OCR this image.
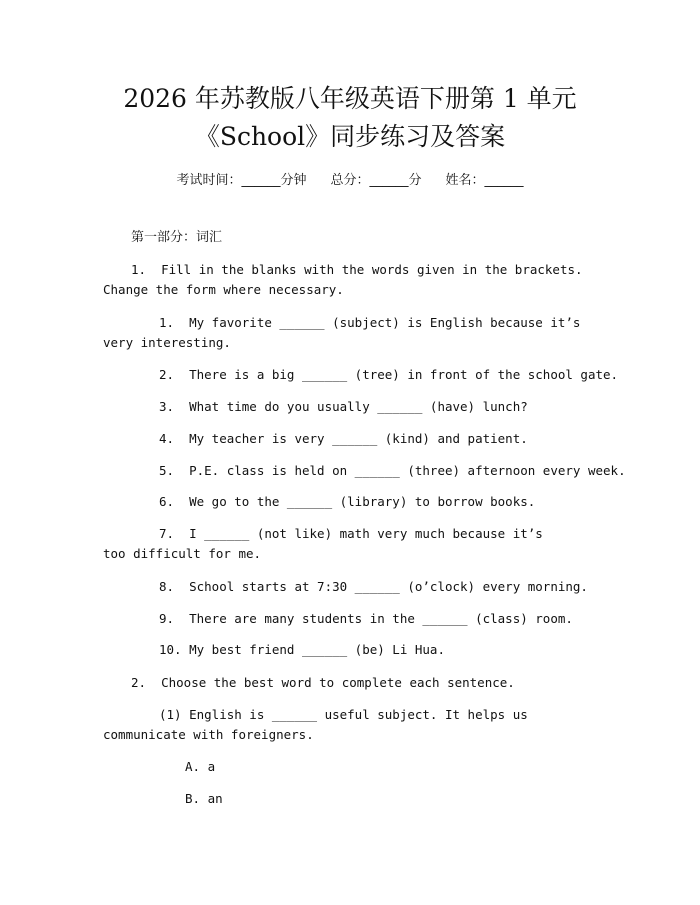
2026 年苏教版八年级英语下册第 1 单元
《School》同步练习及答案
考试时间：______分钟 总分：______分 姓名：______
第一部分：词汇
1.  Fill in the blanks with the words given in the brackets. Change the form where necessary.
1.  My favorite ______ (subject) is English because it’s very interesting.
2.  There is a big ______ (tree) in front of the school gate.
3.  What time do you usually ______ (have) lunch?
4.  My teacher is very ______ (kind) and patient.
5.  P.E. class is held on ______ (three) afternoon every week.
6.  We go to the ______ (library) to borrow books.
7.  I ______ (not like) math very much because it’s too difficult for me.
8.  School starts at 7:30 ______ (o’clock) every morning.
9.  There are many students in the ______ (class) room.
10. My best friend ______ (be) Li Hua.
2.  Choose the best word to complete each sentence.
(1) English is ______ useful subject. It helps us communicate with foreigners.
A. a
B. an
